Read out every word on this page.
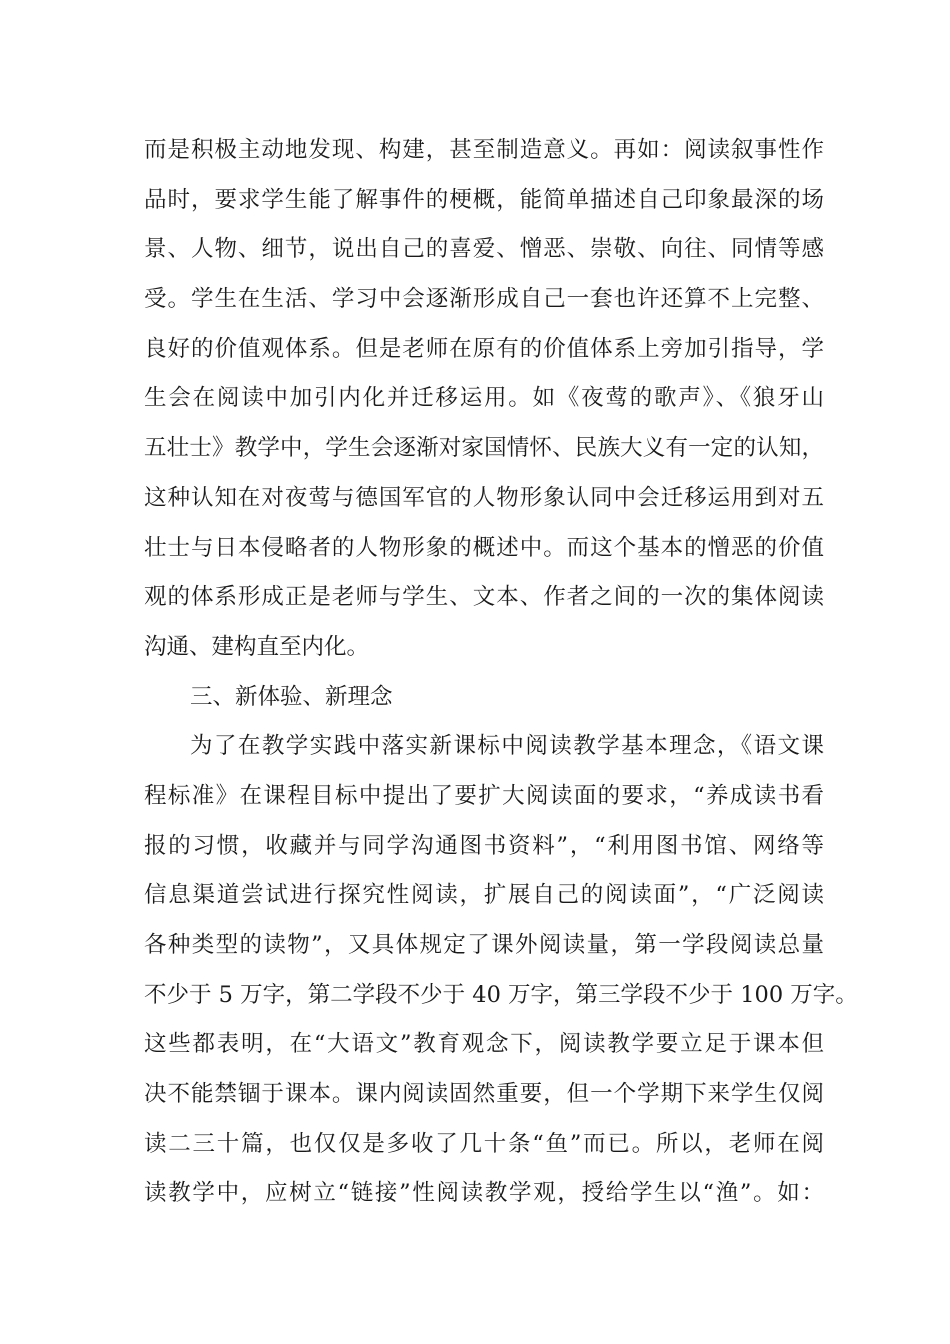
而是积极主动地发现、构建，甚至制造意义。再如：阅读叙事性作
品时，要求学生能了解事件的梗概，能简单描述自己印象最深的场
景、人物、细节，说出自己的喜爱、憎恶、崇敬、向往、同情等感
受。学生在生活、学习中会逐渐形成自己一套也许还算不上完整、
良好的价值观体系。但是老师在原有的价值体系上旁加引指导，学
生会在阅读中加引内化并迁移运用。如《夜莺的歌声》、《狼牙山
五壮士》教学中，学生会逐渐对家国情怀、民族大义有一定的认知，
这种认知在对夜莺与德国军官的人物形象认同中会迁移运用到对五
壮士与日本侵略者的人物形象的概述中。而这个基本的憎恶的价值
观的体系形成正是老师与学生、文本、作者之间的一次的集体阅读
沟通、建构直至内化。
三、新体验、新理念
为了在教学实践中落实新课标中阅读教学基本理念，《语文课
程标准》在课程目标中提出了要扩大阅读面的要求，“养成读书看
报的习惯，收藏并与同学沟通图书资料”，“利用图书馆、网络等
信息渠道尝试进行探究性阅读，扩展自己的阅读面”，“广泛阅读
各种类型的读物”，又具体规定了课外阅读量，第一学段阅读总量
不少于 5 万字，第二学段不少于 40 万字，第三学段不少于 100 万字。
这些都表明，在“大语文”教育观念下，阅读教学要立足于课本但
决不能禁锢于课本。课内阅读固然重要，但一个学期下来学生仅阅
读二三十篇，也仅仅是多收了几十条“鱼”而已。所以，老师在阅
读教学中，应树立“链接”性阅读教学观，授给学生以“渔”。如：
